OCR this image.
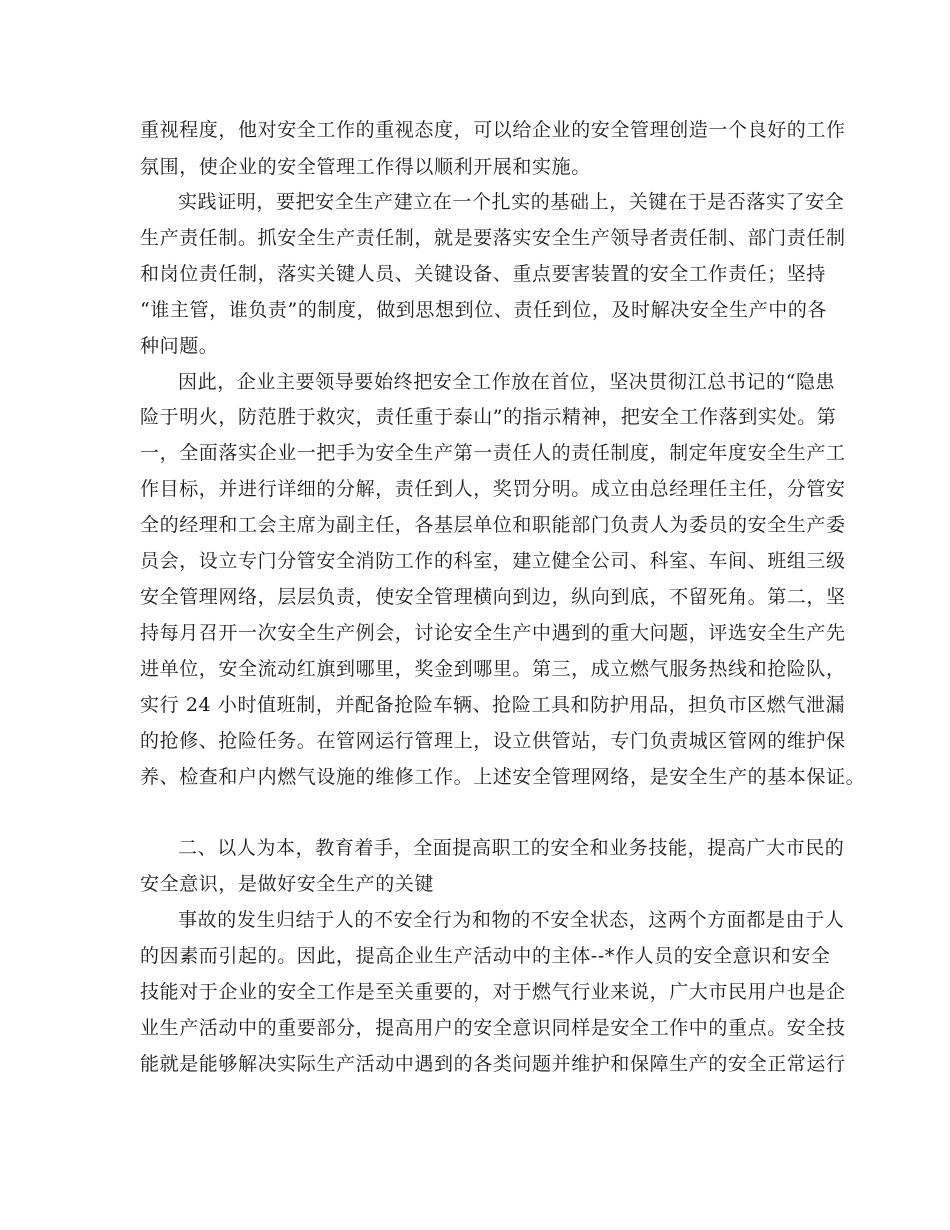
重视程度，他对安全工作的重视态度，可以给企业的安全管理创造一个良好的工作

氛围，使企业的安全管理工作得以顺利开展和实施。

实践证明，要把安全生产建立在一个扎实的基础上，关键在于是否落实了安全

生产责任制。抓安全生产责任制，就是要落实安全生产领导者责任制、部门责任制

和岗位责任制，落实关键人员、关键设备、重点要害装置的安全工作责任；坚持

“谁主管，谁负责”的制度，做到思想到位、责任到位，及时解决安全生产中的各

种问题。

因此，企业主要领导要始终把安全工作放在首位，坚决贯彻江总书记的“隐患

险于明火，防范胜于救灾，责任重于泰山”的指示精神，把安全工作落到实处。第

一，全面落实企业一把手为安全生产第一责任人的责任制度，制定年度安全生产工

作目标，并进行详细的分解，责任到人，奖罚分明。成立由总经理任主任，分管安

全的经理和工会主席为副主任，各基层单位和职能部门负责人为委员的安全生产委

员会，设立专门分管安全消防工作的科室，建立健全公司、科室、车间、班组三级

安全管理网络，层层负责，使安全管理横向到边，纵向到底，不留死角。第二，坚

持每月召开一次安全生产例会，讨论安全生产中遇到的重大问题，评选安全生产先

进单位，安全流动红旗到哪里，奖金到哪里。第三，成立燃气服务热线和抢险队，

实行 24 小时值班制，并配备抢险车辆、抢险工具和防护用品，担负市区燃气泄漏

的抢修、抢险任务。在管网运行管理上，设立供管站，专门负责城区管网的维护保

养、检查和户内燃气设施的维修工作。上述安全管理网络，是安全生产的基本保证。

二、以人为本，教育着手，全面提高职工的安全和业务技能，提高广大市民的

安全意识，是做好安全生产的关键

事故的发生归结于人的不安全行为和物的不安全状态，这两个方面都是由于人

的因素而引起的。因此，提高企业生产活动中的主体--*作人员的安全意识和安全

技能对于企业的安全工作是至关重要的，对于燃气行业来说，广大市民用户也是企

业生产活动中的重要部分，提高用户的安全意识同样是安全工作中的重点。安全技

能就是能够解决实际生产活动中遇到的各类问题并维护和保障生产的安全正常运行
